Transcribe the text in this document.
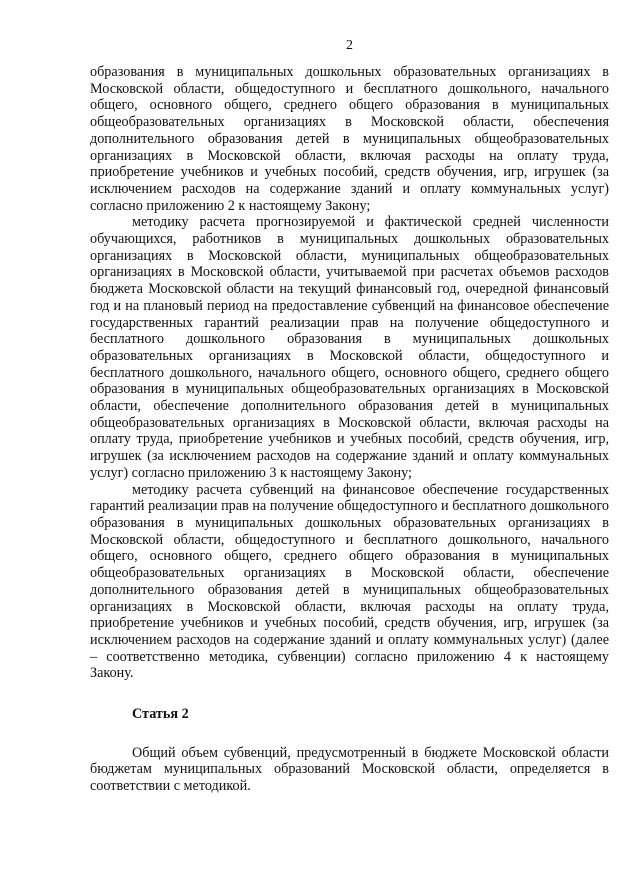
2

образования в муниципальных дошкольных образовательных организациях в Московской области, общедоступного и бесплатного дошкольного, начального общего, основного общего, среднего общего образования в муниципальных общеобразовательных организациях в Московской области, обеспечения дополнительного образования детей в муниципальных общеобразовательных организациях в Московской области, включая расходы на оплату труда, приобретение учебников и учебных пособий, средств обучения, игр, игрушек (за исключением расходов на содержание зданий и оплату коммунальных услуг) согласно приложению 2 к настоящему Закону;

методику расчета прогнозируемой и фактической средней численности обучающихся, работников в муниципальных дошкольных образовательных организациях в Московской области, муниципальных общеобразовательных организациях в Московской области, учитываемой при расчетах объемов расходов бюджета Московской области на текущий финансовый год, очередной финансовый год и на плановый период на предоставление субвенций на финансовое обеспечение государственных гарантий реализации прав на получение общедоступного и бесплатного дошкольного образования в муниципальных дошкольных образовательных организациях в Московской области, общедоступного и бесплатного дошкольного, начального общего, основного общего, среднего общего образования в муниципальных общеобразовательных организациях в Московской области, обеспечение дополнительного образования детей в муниципальных общеобразовательных организациях в Московской области, включая расходы на оплату труда, приобретение учебников и учебных пособий, средств обучения, игр, игрушек (за исключением расходов на содержание зданий и оплату коммунальных услуг) согласно приложению 3 к настоящему Закону;

методику расчета субвенций на финансовое обеспечение государственных гарантий реализации прав на получение общедоступного и бесплатного дошкольного образования в муниципальных дошкольных образовательных организациях в Московской области, общедоступного и бесплатного дошкольного, начального общего, основного общего, среднего общего образования в муниципальных общеобразовательных организациях в Московской области, обеспечение дополнительного образования детей в муниципальных общеобразовательных организациях в Московской области, включая расходы на оплату труда, приобретение учебников и учебных пособий, средств обучения, игр, игрушек (за исключением расходов на содержание зданий и оплату коммунальных услуг) (далее – соответственно методика, субвенции) согласно приложению 4 к настоящему Закону.

Статья 2

Общий объем субвенций, предусмотренный в бюджете Московской области бюджетам муниципальных образований Московской области, определяется в соответствии с методикой.
